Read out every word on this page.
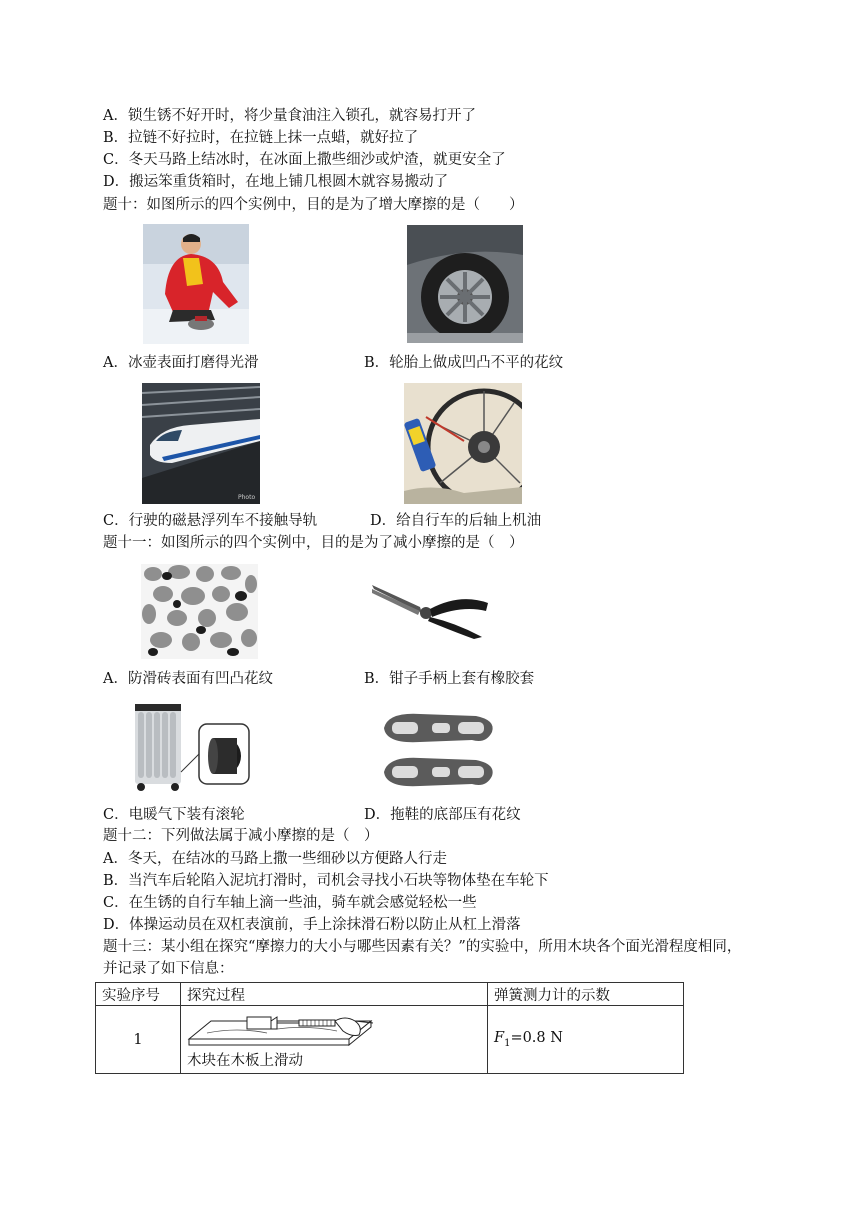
A．锁生锈不好开时，将少量食油注入锁孔，就容易打开了
B．拉链不好拉时，在拉链上抹一点蜡，就好拉了
C．冬天马路上结冰时，在冰面上撒些细沙或炉渣，就更安全了
D．搬运笨重货箱时，在地上铺几根圆木就容易搬动了
题十：如图所示的四个实例中，目的是为了增大摩擦的是（　　）
A．冰壶表面打磨得光滑	B．轮胎上做成凹凸不平的花纹
Photo
C．行驶的磁悬浮列车不接触导轨	D．给自行车的后轴上机油
题十一：如图所示的四个实例中，目的是为了减小摩擦的是（　）
A．防滑砖表面有凹凸花纹	B．钳子手柄上套有橡胶套
C．电暖气下装有滚轮	D．拖鞋的底部压有花纹
题十二：下列做法属于减小摩擦的是（　）
A．冬天，在结冰的马路上撒一些细砂以方便路人行走
B．当汽车后轮陷入泥坑打滑时，司机会寻找小石块等物体垫在车轮下
C．在生锈的自行车轴上滴一些油，骑车就会感觉轻松一些
D．体操运动员在双杠表演前，手上涂抹滑石粉以防止从杠上滑落
题十三：某小组在探究“摩擦力的大小与哪些因素有关？”的实验中，所用木块各个面光滑程度相同，
并记录了如下信息：
实验序号	探究过程	弹簧测力计的示数
1	木块在木板上滑动	$F_1=0.8$ N
